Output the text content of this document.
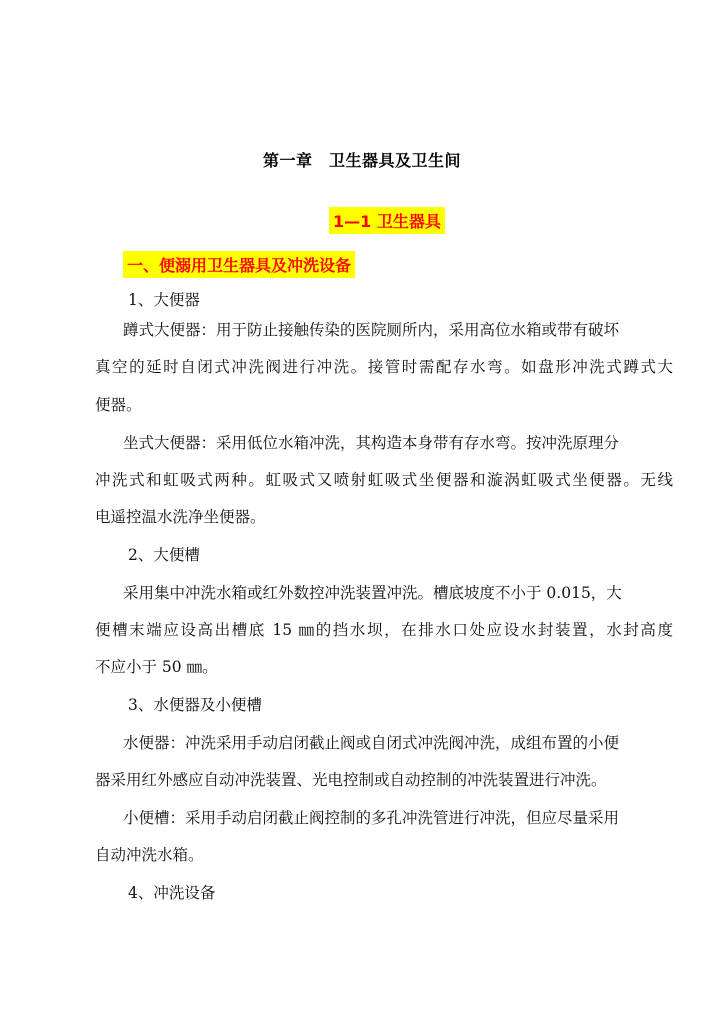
第一章　卫生器具及卫生间
1—1 卫生器具
一、便溺用卫生器具及冲洗设备
1、大便器
蹲式大便器：用于防止接触传染的医院厕所内，采用高位水箱或带有破坏
真空的延时自闭式冲洗阀进行冲洗。接管时需配存水弯。如盘形冲洗式蹲式大
便器。
坐式大便器：采用低位水箱冲洗，其构造本身带有存水弯。按冲洗原理分
冲洗式和虹吸式两种。虹吸式又喷射虹吸式坐便器和漩涡虹吸式坐便器。无线
电遥控温水洗净坐便器。
2、大便槽
采用集中冲洗水箱或红外数控冲洗装置冲洗。槽底坡度不小于 0.015，大
便槽末端应设高出槽底 15 ㎜的挡水坝，在排水口处应设水封装置，水封高度
不应小于 50 ㎜。
3、水便器及小便槽
水便器：冲洗采用手动启闭截止阀或自闭式冲洗阀冲洗，成组布置的小便
器采用红外感应自动冲洗装置、光电控制或自动控制的冲洗装置进行冲洗。
小便槽：采用手动启闭截止阀控制的多孔冲洗管进行冲洗，但应尽量采用
自动冲洗水箱。
4、冲洗设备
